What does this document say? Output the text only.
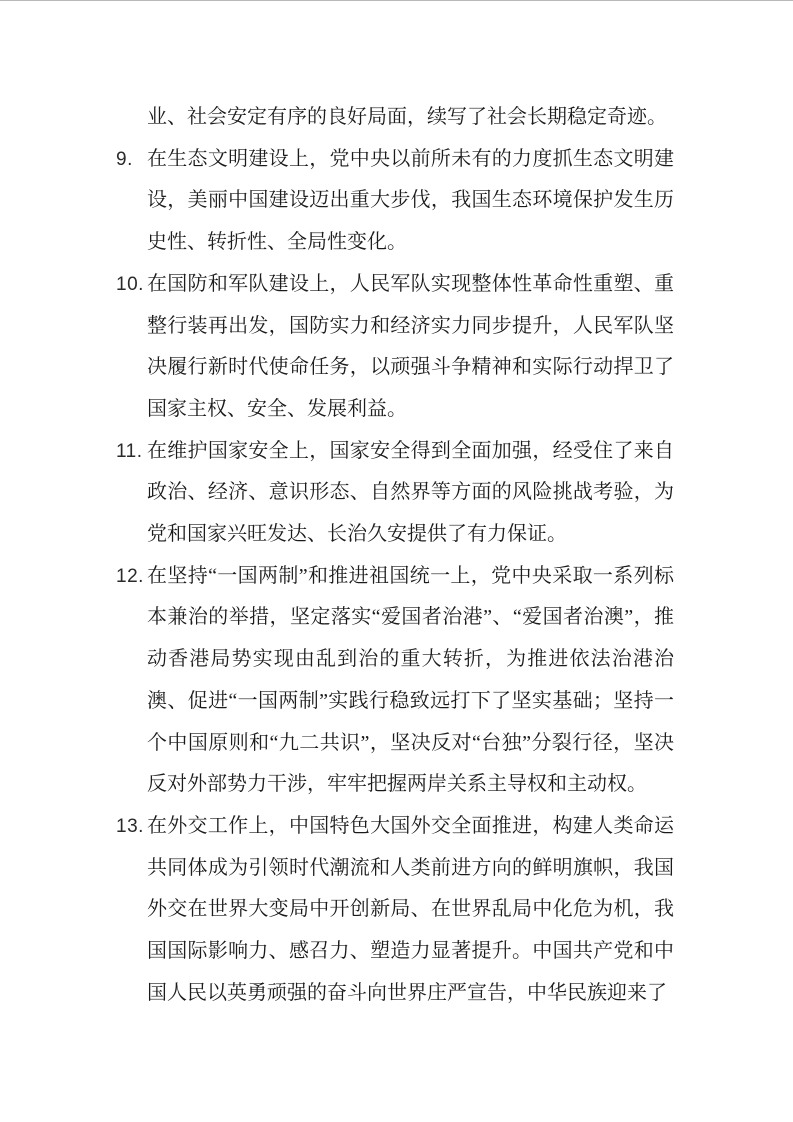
业、社会安定有序的良好局面，续写了社会长期稳定奇迹。
9. 在生态文明建设上，党中央以前所未有的力度抓生态文明建设，美丽中国建设迈出重大步伐，我国生态环境保护发生历史性、转折性、全局性变化。
10. 在国防和军队建设上，人民军队实现整体性革命性重塑、重整行装再出发，国防实力和经济实力同步提升，人民军队坚决履行新时代使命任务，以顽强斗争精神和实际行动捍卫了国家主权、安全、发展利益。
11. 在维护国家安全上，国家安全得到全面加强，经受住了来自政治、经济、意识形态、自然界等方面的风险挑战考验，为党和国家兴旺发达、长治久安提供了有力保证。
12. 在坚持“一国两制”和推进祖国统一上，党中央采取一系列标本兼治的举措，坚定落实“爱国者治港”、“爱国者治澳”，推动香港局势实现由乱到治的重大转折，为推进依法治港治澳、促进“一国两制”实践行稳致远打下了坚实基础；坚持一个中国原则和“九二共识”，坚决反对“台独”分裂行径，坚决反对外部势力干涉，牢牢把握两岸关系主导权和主动权。
13. 在外交工作上，中国特色大国外交全面推进，构建人类命运共同体成为引领时代潮流和人类前进方向的鲜明旗帜，我国外交在世界大变局中开创新局、在世界乱局中化危为机，我国国际影响力、感召力、塑造力显著提升。中国共产党和中国人民以英勇顽强的奋斗向世界庄严宣告，中华民族迎来了
